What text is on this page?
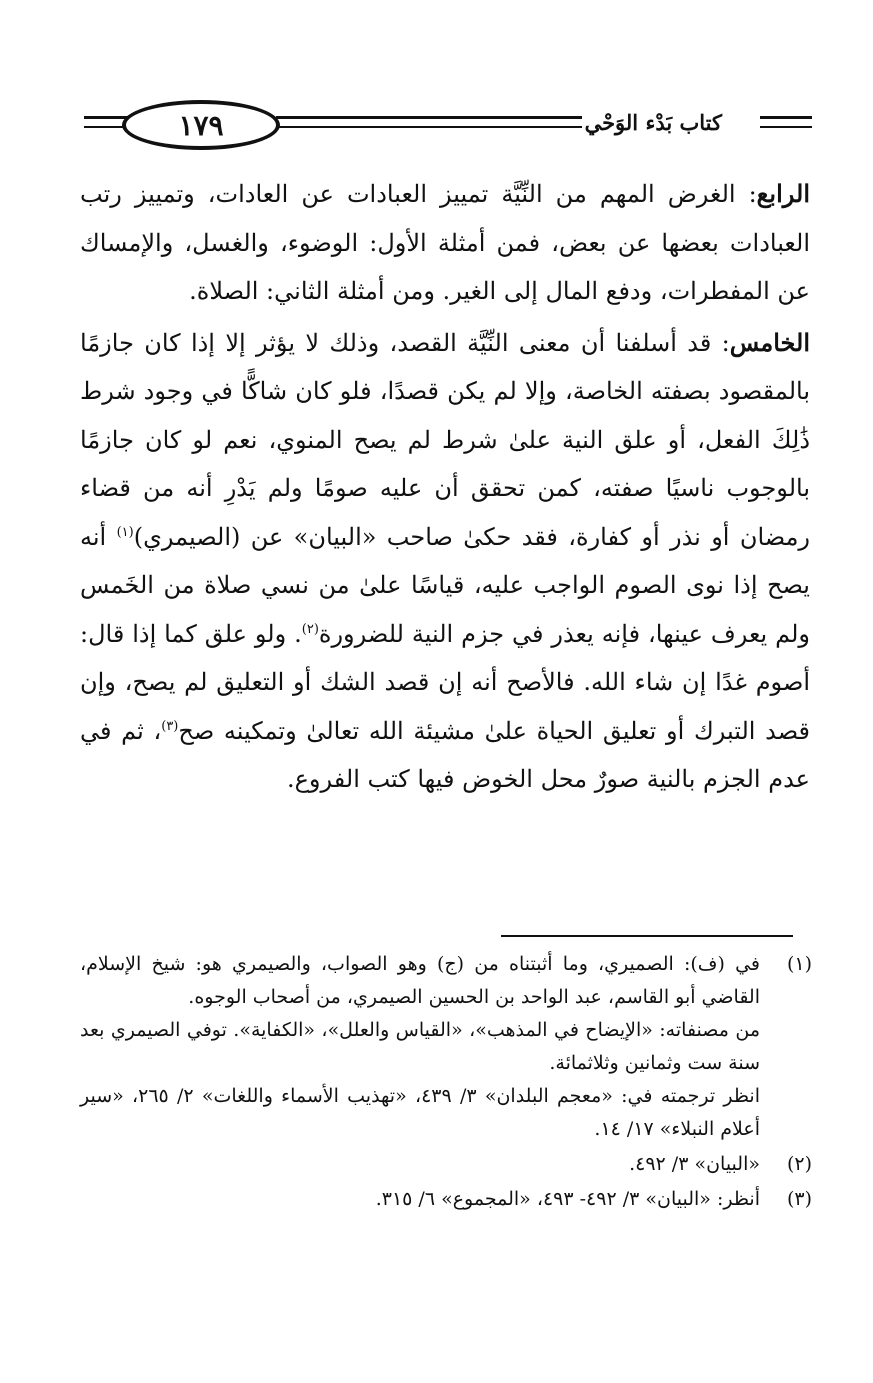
١٧٩	كتاب بَدْء الوَحْي

الرابع: الغرض المهم من النِّيَّة تمييز العبادات عن العادات، وتمييز رتب العبادات بعضها عن بعض، فمن أمثلة الأول: الوضوء، والغسل، والإمساك عن المفطرات، ودفع المال إلى الغير. ومن أمثلة الثاني: الصلاة.

الخامس: قد أسلفنا أن معنى النِّيَّة القصد، وذلك لا يؤثر إلا إذا كان جازمًا بالمقصود بصفته الخاصة، وإلا لم يكن قصدًا، فلو كان شاكًّا في وجود شرط ذَٰلِكَ الفعل، أو علق النية علىٰ شرط لم يصح المنوي، نعم لو كان جازمًا بالوجوب ناسيًا صفته، كمن تحقق أن عليه صومًا ولم يَدْرِ أنه من قضاء رمضان أو نذر أو كفارة، فقد حكىٰ صاحب «البيان» عن (الصيمري)$^{(١)}$ أنه يصح إذا نوى الصوم الواجب عليه، قياسًا علىٰ من نسي صلاة من الخَمس ولم يعرف عينها، فإنه يعذر في جزم النية للضرورة$^{(٢)}$. ولو علق كما إذا قال: أصوم غدًا إن شاء الله. فالأصح أنه إن قصد الشك أو التعليق لم يصح، وإن قصد التبرك أو تعليق الحياة علىٰ مشيئة الله تعالىٰ وتمكينه صح$^{(٣)}$، ثم في عدم الجزم بالنية صورٌ محل الخوض فيها كتب الفروع.

(١)

في (ف): الصميري، وما أثبتناه من (ج) وهو الصواب، والصيمري هو: شيخ الإسلام، القاضي أبو القاسم، عبد الواحد بن الحسين الصيمري، من أصحاب الوجوه.

من مصنفاته: «الإيضاح في المذهب»، «القياس والعلل»، «الكفاية». توفي الصيمري بعد سنة ست وثمانين وثلاثمائة.

انظر ترجمته في: «معجم البلدان» ٣/ ٤٣٩، «تهذيب الأسماء واللغات» ٢/ ٢٦٥، «سير أعلام النبلاء» ١٧/ ١٤.

(٢)

«البيان» ٣/ ٤٩٢.

(٣)

أنظر: «البيان» ٣/ ٤٩٢- ٤٩٣، «المجموع» ٦/ ٣١٥.
